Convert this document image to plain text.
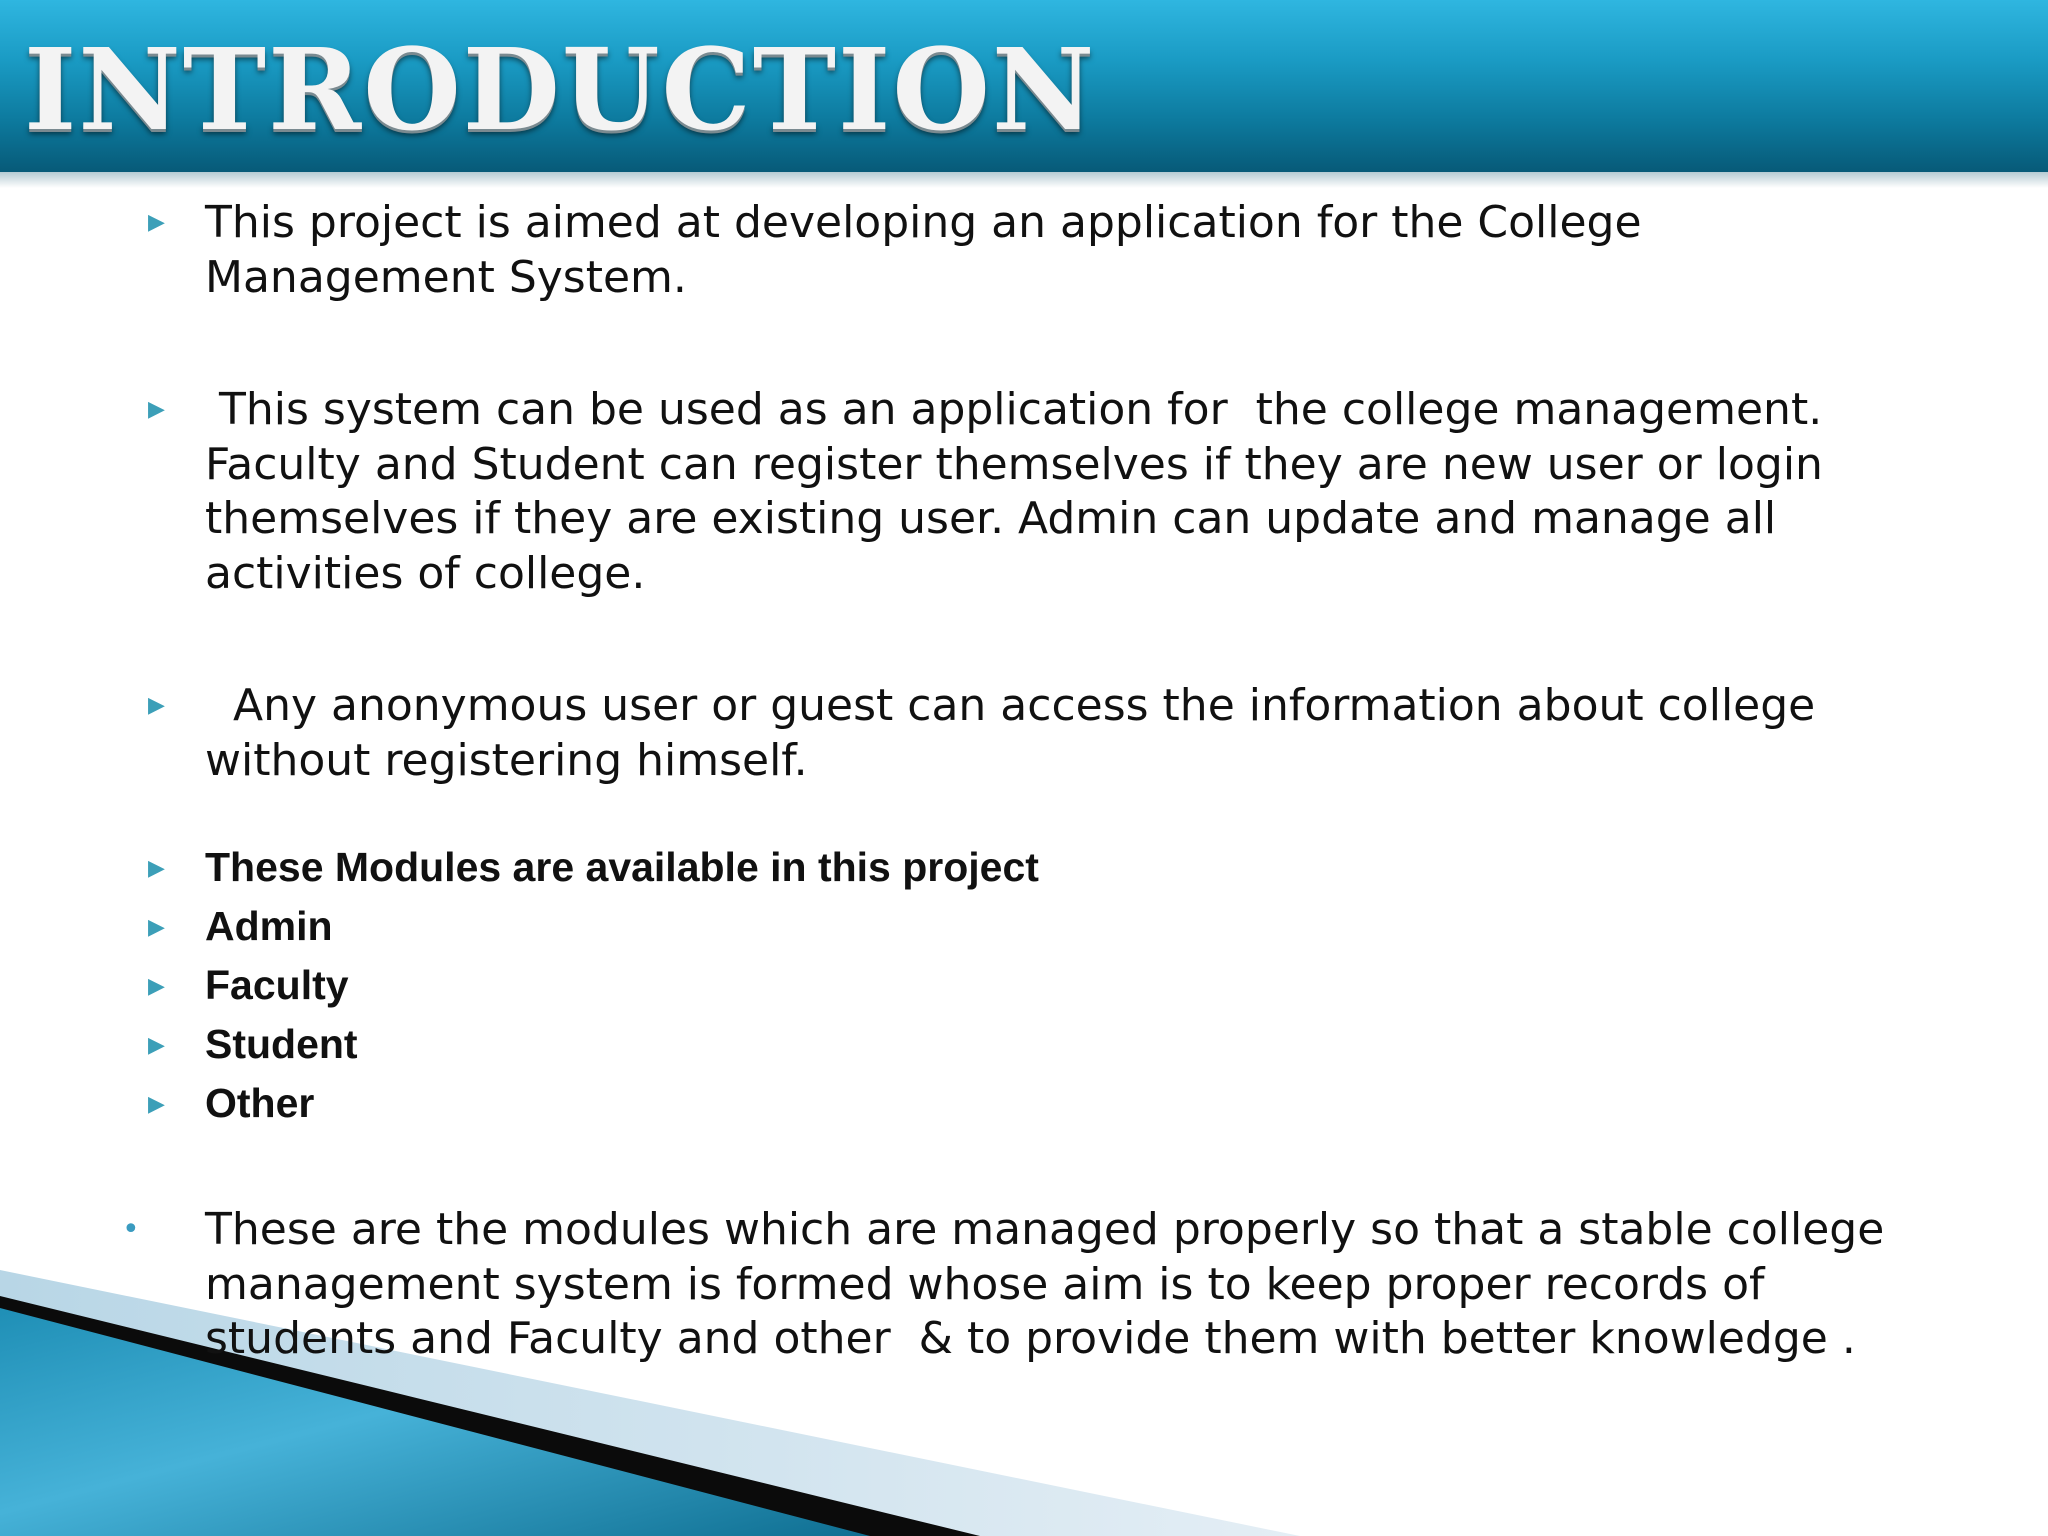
INTRODUCTION
▶ This project is aimed at developing an application for the College Management System.
▶ This system can be used as an application for  the college management. Faculty and Student can register themselves if they are new user or login themselves if they are existing user. Admin can update and manage all activities of college.
▶ Any anonymous user or guest can access the information about college without registering himself.
▶ These Modules are available in this project
▶ Admin
▶ Faculty
▶ Student
▶ Other
• These are the modules which are managed properly so that a stable college management system is formed whose aim is to keep proper records of students and Faculty and other  & to provide them with better knowledge .
